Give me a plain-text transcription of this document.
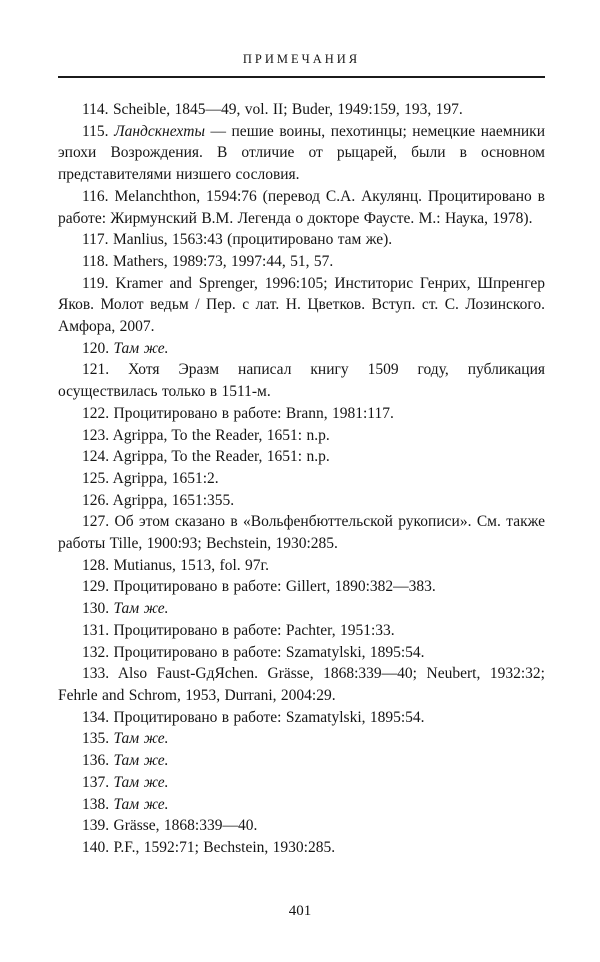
ПРИМЕЧАНИЯ

114. Scheible, 1845—49, vol. II; Buder, 1949:159, 193, 197.

115. Ландскнехты — пешие воины, пехотинцы; немецкие наемники эпохи Возрождения. В отличие от рыцарей, были в основном представителями низшего сословия.

116. Melanchthon, 1594:76 (перевод С.А. Акулянц. Процитировано в работе: Жирмунский В.М. Легенда о докторе Фаусте. М.: Наука, 1978).

117. Manlius, 1563:43 (процитировано там же).

118. Mathers, 1989:73, 1997:44, 51, 57.

119. Kramer and Sprenger, 1996:105; Инститорис Генрих, Шпренгер Яков. Молот ведьм / Пер. с лат. Н. Цветков. Вступ. ст. С. Лозинского. Амфора, 2007.

120. Там же.

121. Хотя Эразм написал книгу 1509 году, публикация осуществилась только в 1511-м.

122. Процитировано в работе: Brann, 1981:117.

123. Agrippa, To the Reader, 1651: n.p.

124. Agrippa, To the Reader, 1651: n.p.

125. Agrippa, 1651:2.

126. Agrippa, 1651:355.

127. Об этом сказано в «Вольфенбюттельской рукописи». См. также работы Tille, 1900:93; Bechstein, 1930:285.

128. Mutianus, 1513, fol. 97г.

129. Процитировано в работе: Gillert, 1890:382—383.

130. Там же.

131. Процитировано в работе: Pachter, 1951:33.

132. Процитировано в работе: Szamatylski, 1895:54.

133. Also Faust-GдЯchen. Grässe, 1868:339—40; Neubert, 1932:32; Fehrle and Schrom, 1953, Durrani, 2004:29.

134. Процитировано в работе: Szamatylski, 1895:54.

135. Там же.

136. Там же.

137. Там же.

138. Там же.

139. Grässe, 1868:339—40.

140. P.F., 1592:71; Bechstein, 1930:285.

401
